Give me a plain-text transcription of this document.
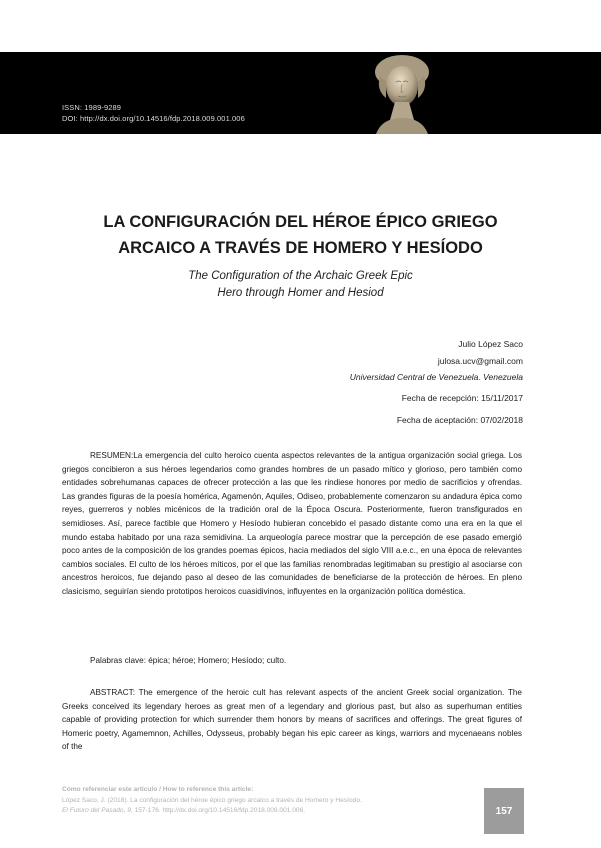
ISSN: 1989-9289
DOI: http://dx.doi.org/10.14516/fdp.2018.009.001.006
LA CONFIGURACIÓN DEL HÉROE ÉPICO GRIEGO
ARCAICO A TRAVÉS DE HOMERO Y HESÍODO
The Configuration of the Archaic Greek Epic
Hero through Homer and Hesiod
Julio López Saco
julosa.ucv@gmail.com
Universidad Central de Venezuela. Venezuela
Fecha de recepción: 15/11/2017
Fecha de aceptación: 07/02/2018

RESUMEN:La emergencia del culto heroico cuenta aspectos relevantes de la antigua organización social griega. Los griegos concibieron a sus héroes legendarios como grandes hombres de un pasado mítico y glorioso, pero también como entidades sobrehumanas capaces de ofrecer protección a las que les rindiese honores por medio de sacrificios y ofrendas. Las grandes figuras de la poesía homérica, Agamenón, Aquiles, Odiseo, probablemente comenzaron su andadura épica como reyes, guerreros y nobles micénicos de la tradición oral de la Época Oscura. Posteriormente, fueron transfigurados en semidioses. Así, parece factible que Homero y Hesíodo hubieran concebido el pasado distante como una era en la que el mundo estaba habitado por una raza semidivina. La arqueología parece mostrar que la percepción de ese pasado emergió poco antes de la composición de los grandes poemas épicos, hacia mediados del siglo VIII a.e.c., en una época de relevantes cambios sociales. El culto de los héroes míticos, por el que las familias renombradas legitimaban su prestigio al asociarse con ancestros heroicos, fue dejando paso al deseo de las comunidades de beneficiarse de la protección de héroes. En pleno clasicismo, seguirían siendo prototipos heroicos cuasidivinos, influyentes en la organización política doméstica.

Palabras clave: épica; héroe; Homero; Hesíodo; culto.

ABSTRACT: The emergence of the heroic cult has relevant aspects of the ancient Greek social organization. The Greeks conceived its legendary heroes as great men of a legendary and glorious past, but also as superhuman entities capable of providing protection for which surrender them honors by means of sacrifices and offerings. The great figures of Homeric poetry, Agamemnon, Achilles, Odysseus, probably began his epic career as kings, warriors and mycenaeans nobles of the

Cómo referenciar este artículo / How to reference this article:
López Saco, J. (2018). La configuración del héroe épico griego arcaico a través de Homero y Hesíodo.
El Futuro del Pasado, 9, 157-176. http://dx.doi.org/10.14516/fdp.2018.009.001.006.	157
